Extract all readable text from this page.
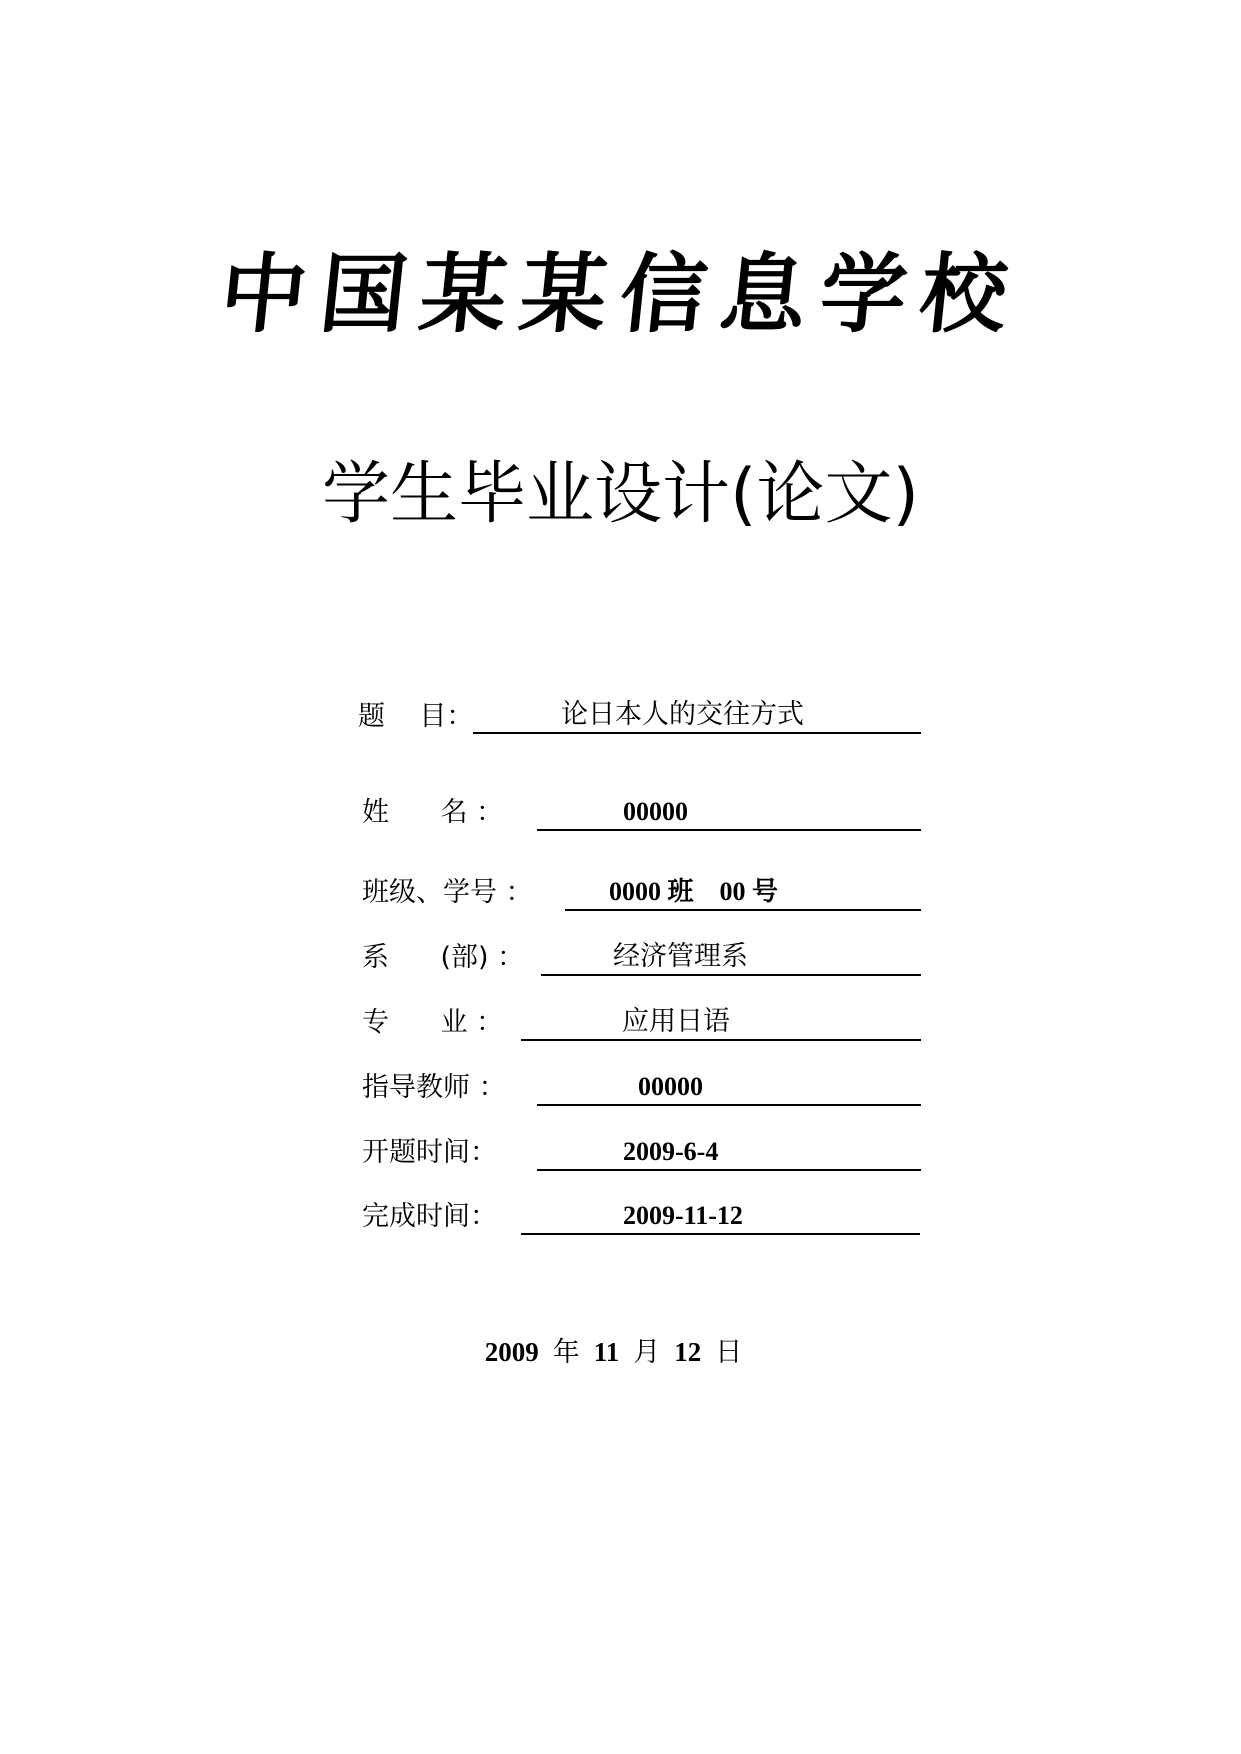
中国某某信息学校
学生毕业设计(论文)
题    目：	论日本人的交往方式
姓      名 ：	00000
班级、学号 ：	0000 班    00 号
系      (部) ：	经济管理系
专      业 ：	应用日语
指导教师 ：	00000
开题时间：	2009-6-4
完成时间：	2009-11-12
2009 年 11 月 12 日
